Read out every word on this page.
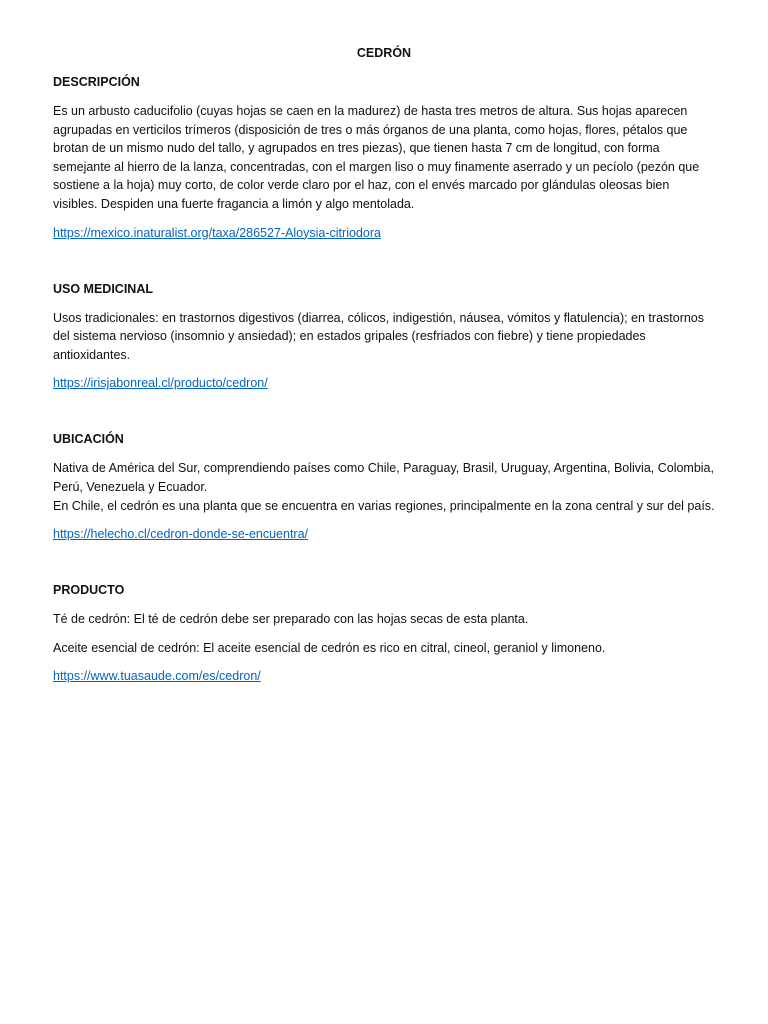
CEDRÓN
DESCRIPCIÓN

Es un arbusto caducifolio (cuyas hojas se caen en la madurez) de hasta tres metros de altura. Sus hojas aparecen agrupadas en verticilos trímeros (disposición de tres o más órganos de una planta, como hojas, flores, pétalos que brotan de un mismo nudo del tallo, y agrupados en tres piezas), que tienen hasta 7 cm de longitud, con forma semejante al hierro de la lanza, concentradas, con el margen liso o muy finamente aserrado y un pecíolo (pezón que sostiene a la hoja) muy corto, de color verde claro por el haz, con el envés marcado por glándulas oleosas bien visibles. Despiden una fuerte fragancia a limón y algo mentolada.

https://mexico.inaturalist.org/taxa/286527-Aloysia-citriodora
USO MEDICINAL

Usos tradicionales: en trastornos digestivos (diarrea, cólicos, indigestión, náusea, vómitos y flatulencia); en trastornos del sistema nervioso (insomnio y ansiedad); en estados gripales (resfriados con fiebre) y tiene propiedades antioxidantes.

https://irisjabonreal.cl/producto/cedron/
UBICACIÓN

Nativa de América del Sur, comprendiendo países como Chile, Paraguay, Brasil, Uruguay, Argentina, Bolivia, Colombia, Perú, Venezuela y Ecuador.
En Chile, el cedrón es una planta que se encuentra en varias regiones, principalmente en la zona central y sur del país.

https://helecho.cl/cedron-donde-se-encuentra/
PRODUCTO

Té de cedrón: El té de cedrón debe ser preparado con las hojas secas de esta planta.

Aceite esencial de cedrón: El aceite esencial de cedrón es rico en citral, cineol, geraniol y limoneno.

https://www.tuasaude.com/es/cedron/
